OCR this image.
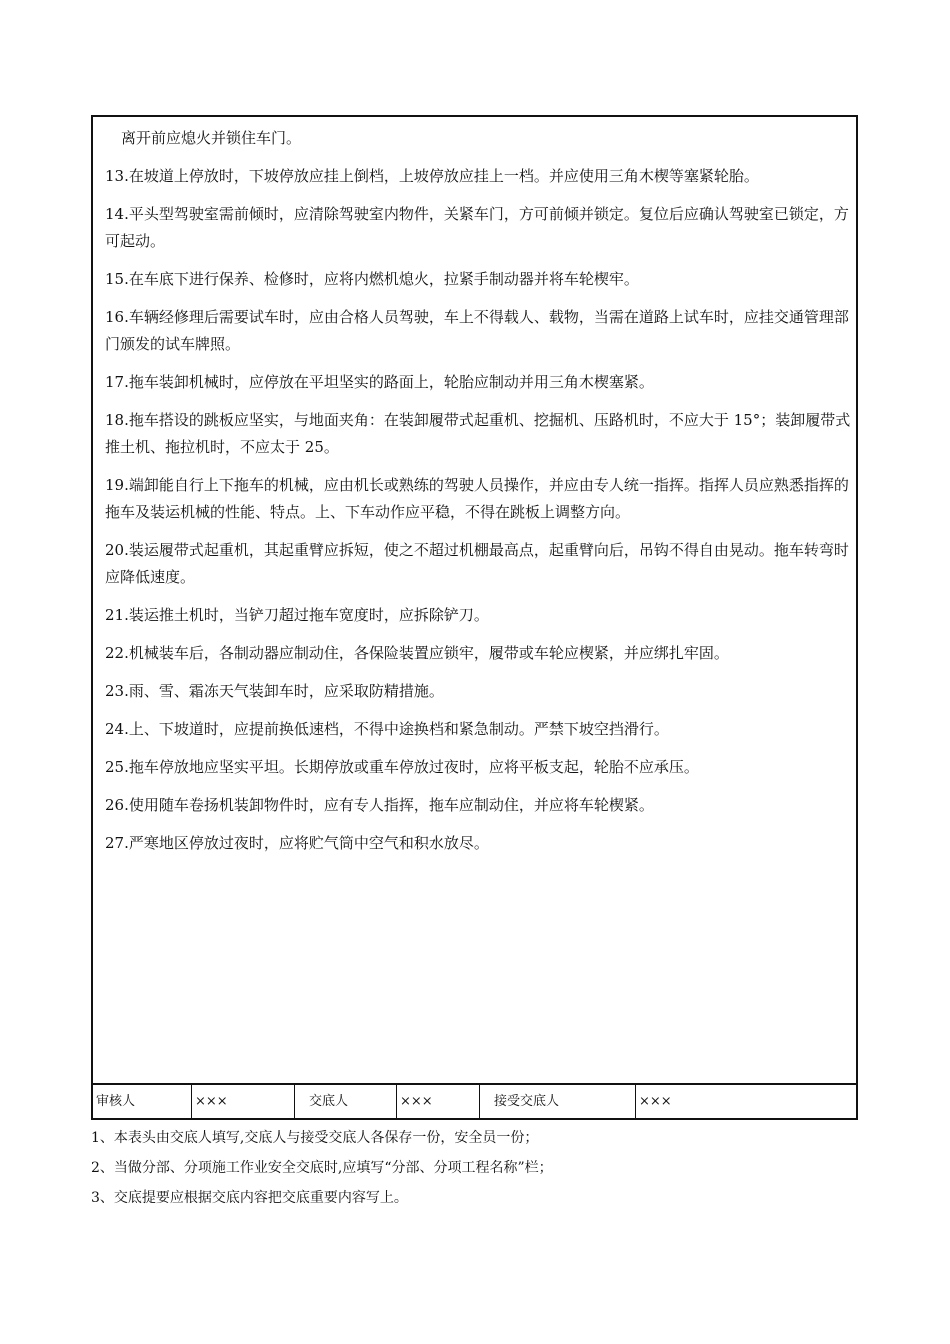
离开前应熄火并锁住车门。
13.在坡道上停放时，下坡停放应挂上倒档，上坡停放应挂上一档。并应使用三角木楔等塞紧轮胎。
14.平头型驾驶室需前倾时，应清除驾驶室内物件，关紧车门，方可前倾并锁定。复位后应确认驾驶室已锁定，方可起动。
15.在车底下进行保养、检修时，应将内燃机熄火，拉紧手制动器并将车轮楔牢。
16.车辆经修理后需要试车时，应由合格人员驾驶，车上不得载人、载物，当需在道路上试车时，应挂交通管理部门颁发的试车牌照。
17.拖车装卸机械时，应停放在平坦坚实的路面上，轮胎应制动并用三角木楔塞紧。
18.拖车搭设的跳板应坚实，与地面夹角：在装卸履带式起重机、挖掘机、压路机时，不应大于 15°；装卸履带式推土机、拖拉机时，不应太于 25。
19.端卸能自行上下拖车的机械，应由机长或熟练的驾驶人员操作，并应由专人统一指挥。指挥人员应熟悉指挥的拖车及装运机械的性能、特点。上、下车动作应平稳，不得在跳板上调整方向。
20.装运履带式起重机，其起重臂应拆短，使之不超过机棚最高点，起重臂向后，吊钩不得自由晃动。拖车转弯时应降低速度。
21.装运推土机时，当铲刀超过拖车宽度时，应拆除铲刀。
22.机械装车后，各制动器应制动住，各保险装置应锁牢，履带或车轮应楔紧，并应绑扎牢固。
23.雨、雪、霜冻天气装卸车时，应采取防精措施。
24.上、下坡道时，应提前换低速档，不得中途换档和紧急制动。严禁下坡空挡滑行。
25.拖车停放地应坚实平坦。长期停放或重车停放过夜时，应将平板支起，轮胎不应承压。
26.使用随车卷扬机装卸物件时，应有专人指挥，拖车应制动住，并应将车轮楔紧。
27.严寒地区停放过夜时，应将贮气筒中空气和积水放尽。
审核人	×××	交底人	×××	接受交底人	×××
1、本表头由交底人填写,交底人与接受交底人各保存一份，安全员一份；
2、当做分部、分项施工作业安全交底时,应填写“分部、分项工程名称”栏；
3、交底提要应根据交底内容把交底重要内容写上。
